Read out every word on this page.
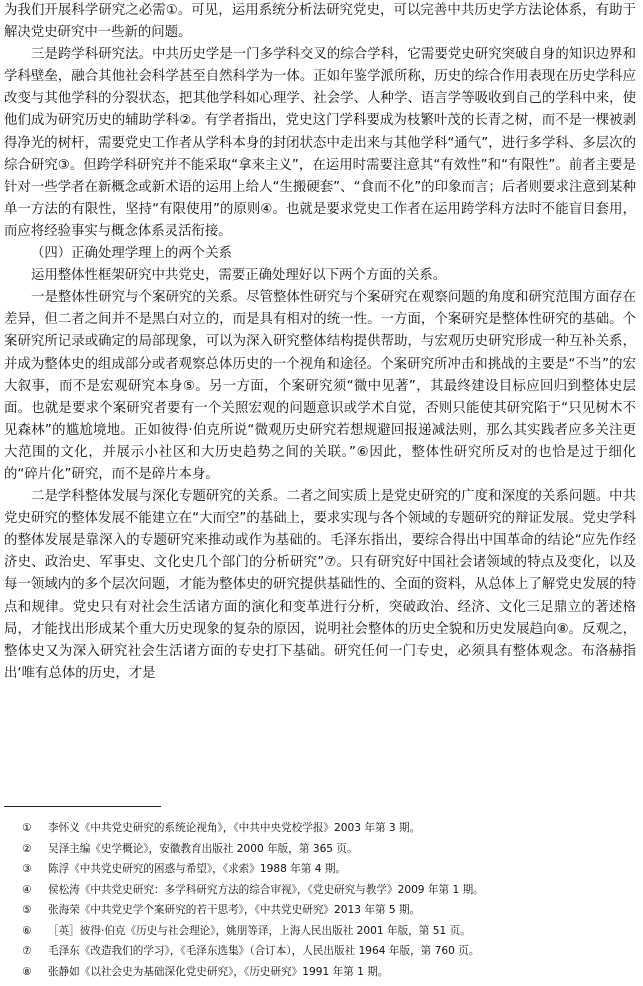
为我们开展科学研究之必需①。可见，运用系统分析法研究党史，可以完善中共历史学方法论体系，有助于解决党史研究中一些新的问题。

三是跨学科研究法。中共历史学是一门多学科交叉的综合学科，它需要党史研究突破自身的知识边界和学科壁垒，融合其他社会科学甚至自然科学为一体。正如年鉴学派所称，历史的综合作用表现在历史学科应改变与其他学科的分裂状态，把其他学科如心理学、社会学、人种学、语言学等吸收到自己的学科中来，使他们成为研究历史的辅助学科②。有学者指出，党史这门学科要成为枝繁叶茂的长青之树，而不是一棵被剥得净光的树杆，需要党史工作者从学科本身的封闭状态中走出来与其他学科“通气”，进行多学科、多层次的综合研究③。但跨学科研究并不能采取“拿来主义”，在运用时需要注意其“有效性”和“有限性”。前者主要是针对一些学者在新概念或新术语的运用上给人“生搬硬套”、“食而不化”的印象而言；后者则要求注意到某种单一方法的有限性，坚持“有限使用”的原则④。也就是要求党史工作者在运用跨学科方法时不能盲目套用，而应将经验事实与概念体系灵活衔接。

（四）正确处理学理上的两个关系

运用整体性框架研究中共党史，需要正确处理好以下两个方面的关系。

一是整体性研究与个案研究的关系。尽管整体性研究与个案研究在观察问题的角度和研究范围方面存在差异，但二者之间并不是黑白对立的，而是具有相对的统一性。一方面，个案研究是整体性研究的基础。个案研究所记录或确定的局部现象，可以为深入研究整体结构提供帮助，与宏观历史研究形成一种互补关系，并成为整体史的组成部分或者观察总体历史的一个视角和途径。个案研究所冲击和挑战的主要是“不当”的宏大叙事，而不是宏观研究本身⑤。另一方面，个案研究须“微中见著”，其最终建设目标应回归到整体史层面。也就是要求个案研究者要有一个关照宏观的问题意识或学术自觉，否则只能使其研究陷于“只见树木不见森林”的尴尬境地。正如彼得·伯克所说“微观历史研究若想规避回报递减法则，那么其实践者应多关注更大范围的文化，并展示小社区和大历史趋势之间的关联。”⑥因此，整体性研究所反对的也恰是过于细化的“碎片化”研究，而不是碎片本身。

二是学科整体发展与深化专题研究的关系。二者之间实质上是党史研究的广度和深度的关系问题。中共党史研究的整体发展不能建立在“大而空”的基础上，要求实现与各个领域的专题研究的辩证发展。党史学科的整体发展是靠深入的专题研究来推动或作为基础的。毛泽东指出，要综合得出中国革命的结论“应先作经济史、政治史、军事史、文化史几个部门的分析研究”⑦。只有研究好中国社会诸领域的特点及变化，以及每一领域内的多个层次问题，才能为整体史的研究提供基础性的、全面的资料，从总体上了解党史发展的特点和规律。党史只有对社会生活诸方面的演化和变革进行分析，突破政治、经济、文化三足鼎立的著述格局，才能找出形成某个重大历史现象的复杂的原因，说明社会整体的历史全貌和历史发展趋向⑧。反观之，整体史又为深入研究社会生活诸方面的专史打下基础。研究任何一门专史，必须具有整体观念。布洛赫指出‘唯有总体的历史，才是

① 李怀义《中共党史研究的系统论视角》，《中共中央党校学报》2003 年第 3 期。
② 吴泽主编《史学概论》，安徽教育出版社 2000 年版，第 365 页。
③ 陈浮《中共党史研究的困惑与希望》，《求索》1988 年第 4 期。
④ 侯松涛《中共党史研究：多学科研究方法的综合审视》，《党史研究与教学》2009 年第 1 期。
⑤ 张海荣《中共党史学个案研究的若干思考》，《中共党史研究》2013 年第 5 期。
⑥ ［英］彼得·伯克《历史与社会理论》，姚朋等译，上海人民出版社 2001 年版，第 51 页。
⑦ 毛泽东《改造我们的学习》，《毛泽东选集》（合订本），人民出版社 1964 年版，第 760 页。
⑧ 张静如《以社会史为基础深化党史研究》，《历史研究》1991 年第 1 期。
